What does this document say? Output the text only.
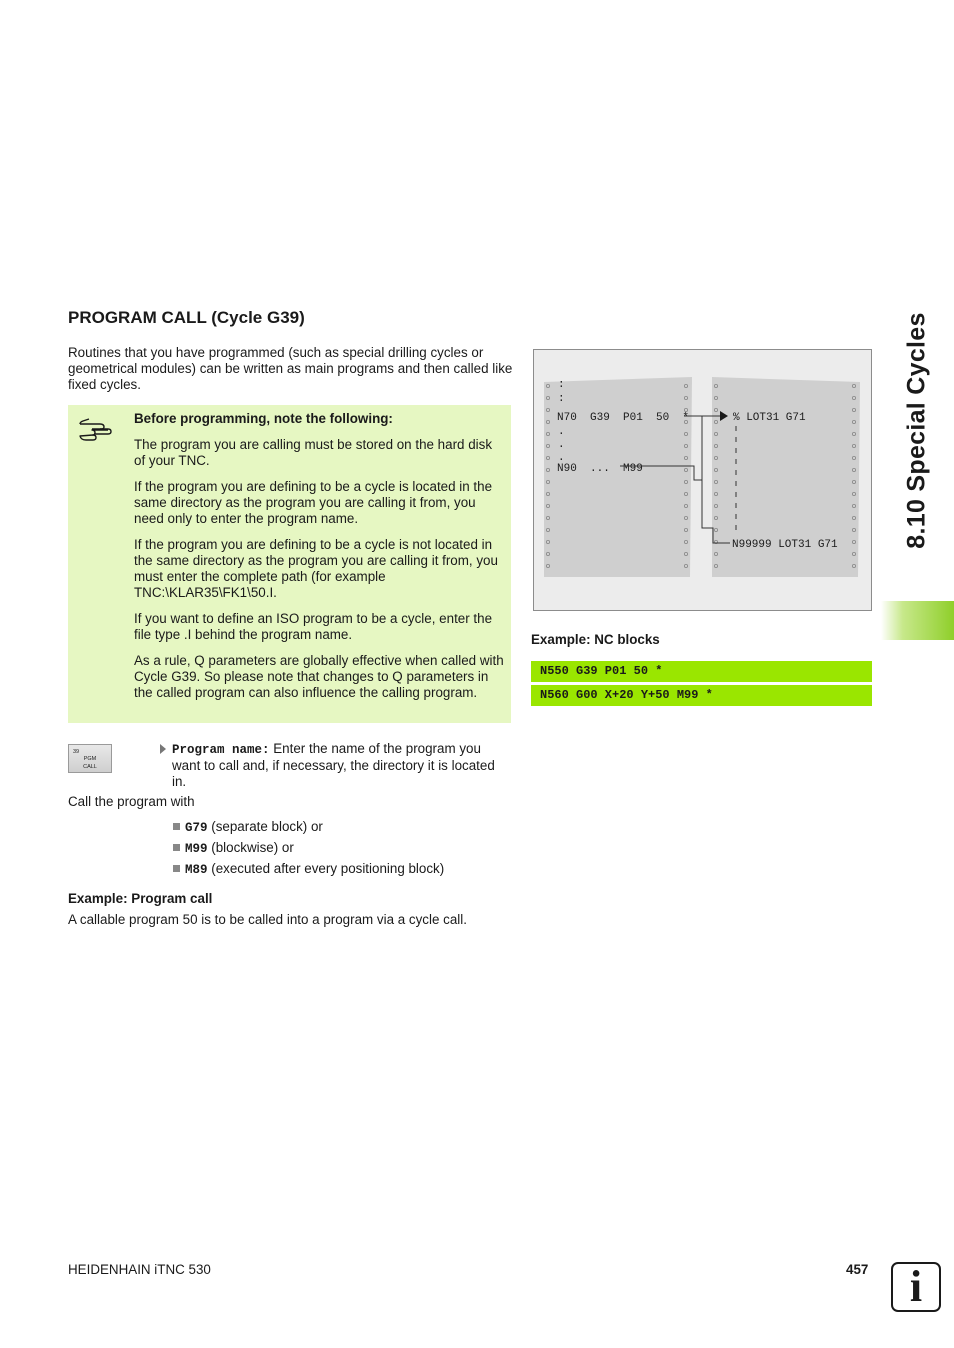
8.10 Special Cycles
PROGRAM CALL (Cycle G39)
Routines that you have programmed (such as special drilling cycles or geometrical modules) can be written as main programs and then called like fixed cycles.

Before programming, note the following:

The program you are calling must be stored on the hard disk of your TNC.

If the program you are defining to be a cycle is located in the same directory as the program you are calling it from, you need only to enter the program name.

If the program you are defining to be a cycle is not located in the same directory as the program you are calling it from, you must enter the complete path (for example TNC:\KLAR35\FK1\50.I.

If you want to define an ISO program to be a cycle, enter the file type .I behind the program name.

As a rule, Q parameters are globally effective when called with Cycle G39. So please note that changes to Q parameters in the called program can also influence the calling program.

39
PGM
CALL
Program name: Enter the name of the program you want to call and, if necessary, the directory it is located in.
Call the program with
G79 (separate block) or
M99 (blockwise) or
M89 (executed after every positioning block)
Example: Program call
A callable program 50 is to be called into a program via a cycle call.
:
:
N70  G39  P01  50  *
.
.
.
N90  ...  M99
% LOT31 G71
N99999 LOT31 G71
Example: NC blocks
N550 G39 P01 50 *
N560 G00 X+20 Y+50 M99 *
HEIDENHAIN iTNC 530	457 i
